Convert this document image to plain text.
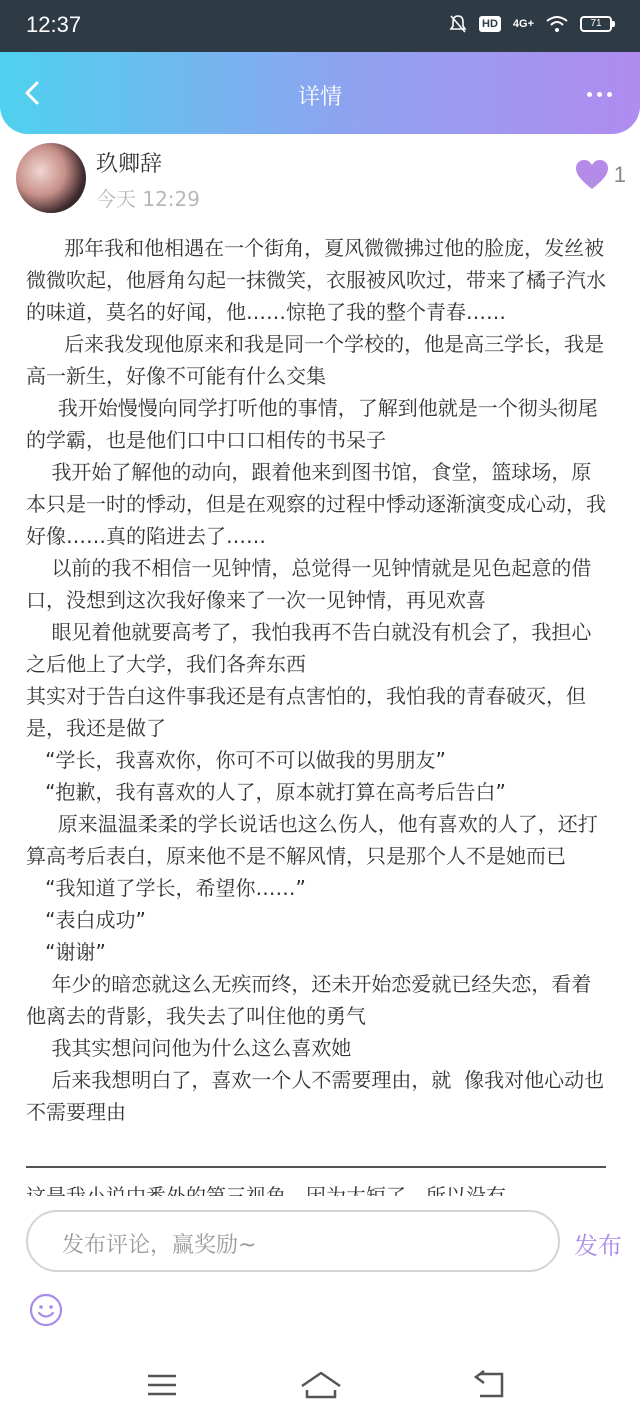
12:37	HD 4G+	71
详情
玖卿辞
今天 12:29
1

那年我和他相遇在一个街角，夏风微微拂过他的脸庞，发丝被微微吹起，他唇角勾起一抹微笑，衣服被风吹过，带来了橘子汽水的味道，莫名的好闻，他……惊艳了我的整个青春……

后来我发现他原来和我是同一个学校的，他是高三学长，我是高一新生，好像不可能有什么交集

我开始慢慢向同学打听他的事情，了解到他就是一个彻头彻尾的学霸，也是他们口中口口相传的书呆子

我开始了解他的动向，跟着他来到图书馆，食堂，篮球场，原本只是一时的悸动，但是在观察的过程中悸动逐渐演变成心动，我好像……真的陷进去了……

以前的我不相信一见钟情，总觉得一见钟情就是见色起意的借口，没想到这次我好像来了一次一见钟情，再见欢喜

眼见着他就要高考了，我怕我再不告白就没有机会了，我担心之后他上了大学，我们各奔东西

其实对于告白这件事我还是有点害怕的，我怕我的青春破灭，但是，我还是做了

“学长，我喜欢你，你可不可以做我的男朋友”

“抱歉，我有喜欢的人了，原本就打算在高考后告白”

原来温温柔柔的学长说话也这么伤人，他有喜欢的人了，还打算高考后表白，原来他不是不解风情，只是那个人不是她而已

“我知道了学长，希望你……”

“表白成功”

“谢谢”

年少的暗恋就这么无疾而终，还未开始恋爱就已经失恋，看着他离去的背影，我失去了叫住他的勇气

我其实想问问他为什么这么喜欢她

后来我想明白了，喜欢一个人不需要理由，就  像我对他心动也不需要理由

发布评论，赢奖励~	发布
